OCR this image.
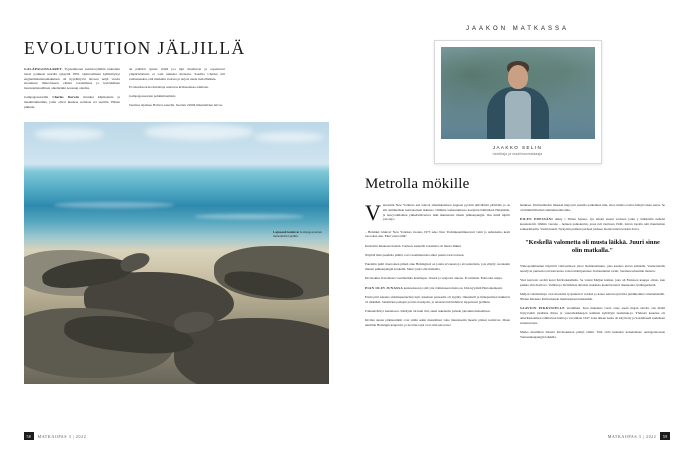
EVOLUUTION JÄLJILLÄ

GALÁPAGOSSAARET. Tyynenmeren saaristoryhmän tunnetuin tutori poikkesi saarilla syksyllä 1835. Opintoallinen kyllikirtynyt englantilaistuntomakuisen oli hyprähtyvät laivaan neljä vuotta sitoutunut mikrobiseen väiskä rosasilmaus ja leviöikäinen luonnontieteellinen oikeinrikki nousuun ontehta.

Galápagossaarilla Charles Darwin tivenksi kilpikonnia ja maakilanmutilus, joika olivat kiuskaa sotlaista eri saarilla. Hänen pikkutu

ak päätärit ajatus: miitä joa lajit muuttuvat ja sopeutuvat ympäristöönsä, ei vain tunnetta menoisa. Saarilla Charles tuli todistaneeksi, että matkailu avartaa ja tarjosi uusia tiedollisiksia.

Evoluutioteoriaa innoittaja saaristoa kritiseanisaa edelleen.

Galápagossaarten pohkinitaamista

Saarissa sijaitsee Bolivar saarella. Saarten välillä liikennöidee laivoa.

Laguaanit kuuluvat Galápagossaarten tunnetuisiin lajeihin.
58	MATKAOPAS 3 | 2022
JAAKON MATKASSA
JAAKKO SELIN
toimittaja ja maailmanmatkaaja
Metrolla mökille

Vieressäni New Yorkissa asti istuvat amerikkalaisen nappaai pyristit ulitväläisti pääviään ja on etti summellaan kentokonsen ikkunaa. Olimme laskeutumassa kesäytön hämärässä Helsinkiin, ja newyorkilainen ytkkelättäveruva näki ikkunnasta tiisein pääkaupungin. Osa miitä nipriit jonoreja:

– Helsinki: klukva! New Yorkissa vuonna 1973 seko New Yorkinkaummussvuri vaim ja uahtokatko kesti vuoroksa-den. Eikä vaan taillit!

Kurkottin ikkunaan itsekin. Toniaan, keskellä valometta oli musta läikkä.

Näyttää ihan puudelta päältä, rosva kommentoiia alkoi pakata taravvohaan.

Puudelin pääri muotoinen pimeä alue Helsingissä on joiain arvokasta ja aivoalantisita, jota eläydy otetokaiin muuan pääkaupungin koskeltä. Siinic juuri olin matkalla.

Kivitsokku. Kiaomataa vaattmomita kesimajaa. Venaat ja venjoorit aikona. Et uittdeisi. Etkä edes sakpa.

PIAN OLIN JUNASSA keskasisaan ja sitti ytte vtimeisseen metroon. Idin kyydistä Hertoniemessä.

Ensin pitti eskanta sitteläapuutuchan lajit. Iokainen pensaalla oli nyplity. Okeniteril ja ihmeparmaat kukkivat vä rikkäästi. Siesiiliäen pahajen porttii oloasijetta, ja taiaistavirtti linhäivat leppoisasti jyöläkin.

Poikuutvärityi tseniskoon. Käsityän oli kuin ritti, askel askeleelta palasin johonkin menemisen.

Kivilen skuna pitkäsestikiti ovat siitän sekin menehtisut vaite muutatsemi meerin pääsui teoitsivat. Maan uurminn Helsingin kaupavki, ja tuoritus rajat ovat sitin uaiovaset

henkisei. Perittaalitedon mukaan maja pitt asetella paikalleen niin, ettei omalta oveltu nähsytvoisen sensa. Se oli ihmmiiillwiistä antmaikaanittomtu.

EILEN EDESSÄNI ulikiy i Timen Square, nyt aikani sineni savitsen joika y lehtiistäin nelleisi kouskolettii. Ohtitin vuonna – heiteen paikokertin, jossa tuli vurmaan 1940- laivan lopalla tehi muuttaman sankarimaalin. Stadin kundi. Nykyisin puiluun perässä jouksee montrotaiten koirani Zorro.

"Keskellä valometta oli musta läikkä. Juuri sinne olin matkalla."

Vaikoponkibanhet näyttivät valtiotamoen ytkoi blokikaramuun, joka kauttea ahvan kahdelle. Vastarannalla neuvijvat punaatsa tarvaanvantaa vanon mahtijonnteet. Kalauutumat tornit, Suomen urhanmin materia.

Ykri katsvalo seväät kotel Kivitsokkalleiin. Se valani Maljan kisikia, joka oli Elantoen kauppa olloin, kun paikka vitta Kallova. Valtilan ja Ströimöten ahtaista suurkista keulevierutori muutaanta työläisgerhetsä.

Maljan veinmaisteja ovat kiookilta tyrpanleivat vaiohet ja kanat sekä tietysti liki puidiikolmet omenamaräält. Niiden hitensua Kivitsokkaan murkastetaan kaukauhin.

SAAVUIN PIKKUSIELLE teranilleni. Kun munsinta vuosi ottee aaein majan sutvää, sen mäitä löytyvaalm pistäästa ilmaa ja vanerilaatikkojen kaminta kyhättyjä tuulemuu-ja. Yhdessä kauensa oli ameribkaalaisen rahtilaivan letma ja vaovällaia 1947. Ioka ikleen naula oli käyvtetty ja Saadellaeell uudelleen suurutuvanta.

Matka maailman äärestä Kivitsokkaan päätyi tähän. Tätä virlä hetkeksi katselemaan auringonnousua Vantaankaupungin lahdella.

59
MATKAOPAS 3 | 2022
